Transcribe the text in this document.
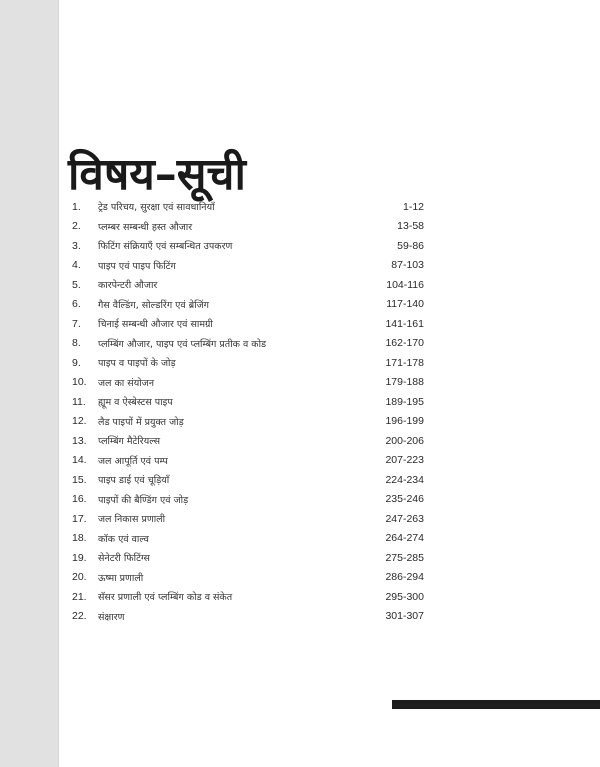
विषय–सूची
1.	ट्रेड परिचय, सुरक्षा एवं सावधानियाँ	1-12
2.	प्लम्बर सम्बन्धी हस्त औजार	13-58
3.	फिटिंग संक्रियाएँ एवं सम्बन्धित उपकरण	59-86
4.	पाइप एवं पाइप फिटिंग	87-103
5.	कारपेन्टरी औजार	104-116
6.	गैस वैल्डिंग, सोल्डरिंग एवं ब्रेजिंग	117-140
7.	चिनाई सम्बन्धी औजार एवं सामग्री	141-161
8.	प्लम्बिंग औजार, पाइप एवं प्लम्बिंग प्रतीक व कोड	162-170
9.	पाइप व पाइपों के जोड़	171-178
10.	जल का संयोजन	179-188
11.	ह्यूम व ऐस्बेस्टस पाइप	189-195
12.	लैड पाइपों में प्रयुक्त जोड़	196-199
13.	प्लम्बिंग मैटेरियल्स	200-206
14.	जल आपूर्ति एवं पम्प	207-223
15.	पाइप डाई एवं चूड़ियाँ	224-234
16.	पाइपों की बैण्डिंग एवं जोड़	235-246
17.	जल निकास प्रणाली	247-263
18.	कॉक एवं वाल्व	264-274
19.	सेनेटरी फिटिंग्स	275-285
20.	ऊष्मा प्रणाली	286-294
21.	सॅसर प्रणाली एवं प्लम्बिंग कोड व संकेत	295-300
22.	संक्षारण	301-307
